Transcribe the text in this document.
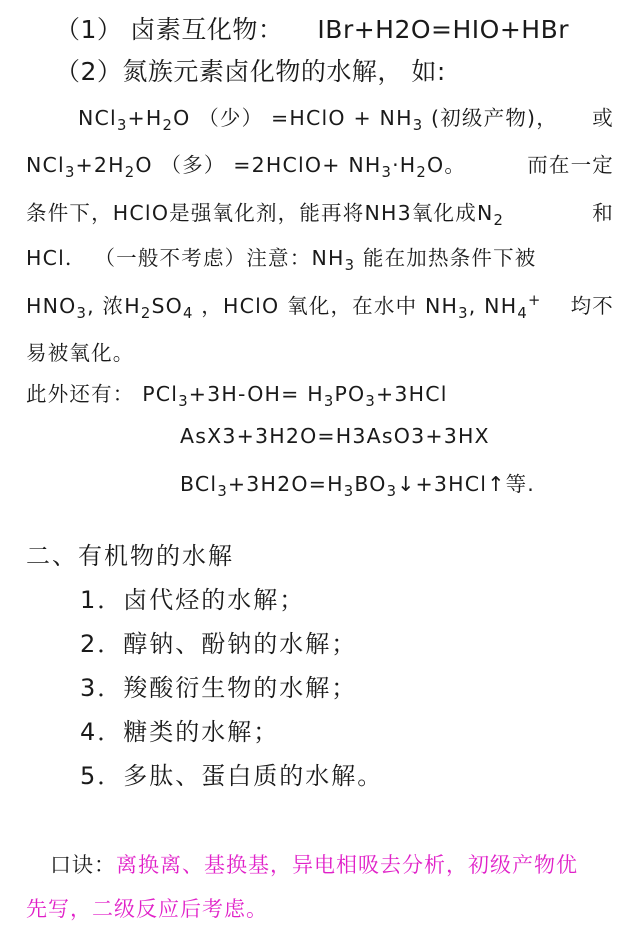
（1） 卤素互化物： IBr+H2O=HIO+HBr
（2）氮族元素卤化物的水解， 如:
$NCl_3+H_2O$ （少） =HClO + $NH_3$ (初级产物)， 或
$NCl_3+2H_2O$ （多） =2HClO+ $NH_3\cdot H_2O$。	而在一定
条件下，HClO是强氧化剂，能再将NH3氧化成$N_2$	和
HCl． （一般不考虑）注意：$NH_3$ 能在加热条件下被
$HNO_3$, 浓$H_2SO_4$ ，HClO 氧化，在水中 $NH_3$, $NH_4^+$ 均不
易被氧化。
此外还有： $PCl_3+3H-OH= H_3PO_3+3HCl$
AsX3+3H2O=H3AsO3+3HX
$BCl_3+3H2O=H_3BO_3↓+3HCl↑$等.
二、有机物的水解
1．卤代烃的水解；
2．醇钠、酚钠的水解；
3．羧酸衍生物的水解；
4．糖类的水解；
5．多肽、蛋白质的水解。
口诀：离换离、基换基，异电相吸去分析，初级产物优
先写，二级反应后考虑。
